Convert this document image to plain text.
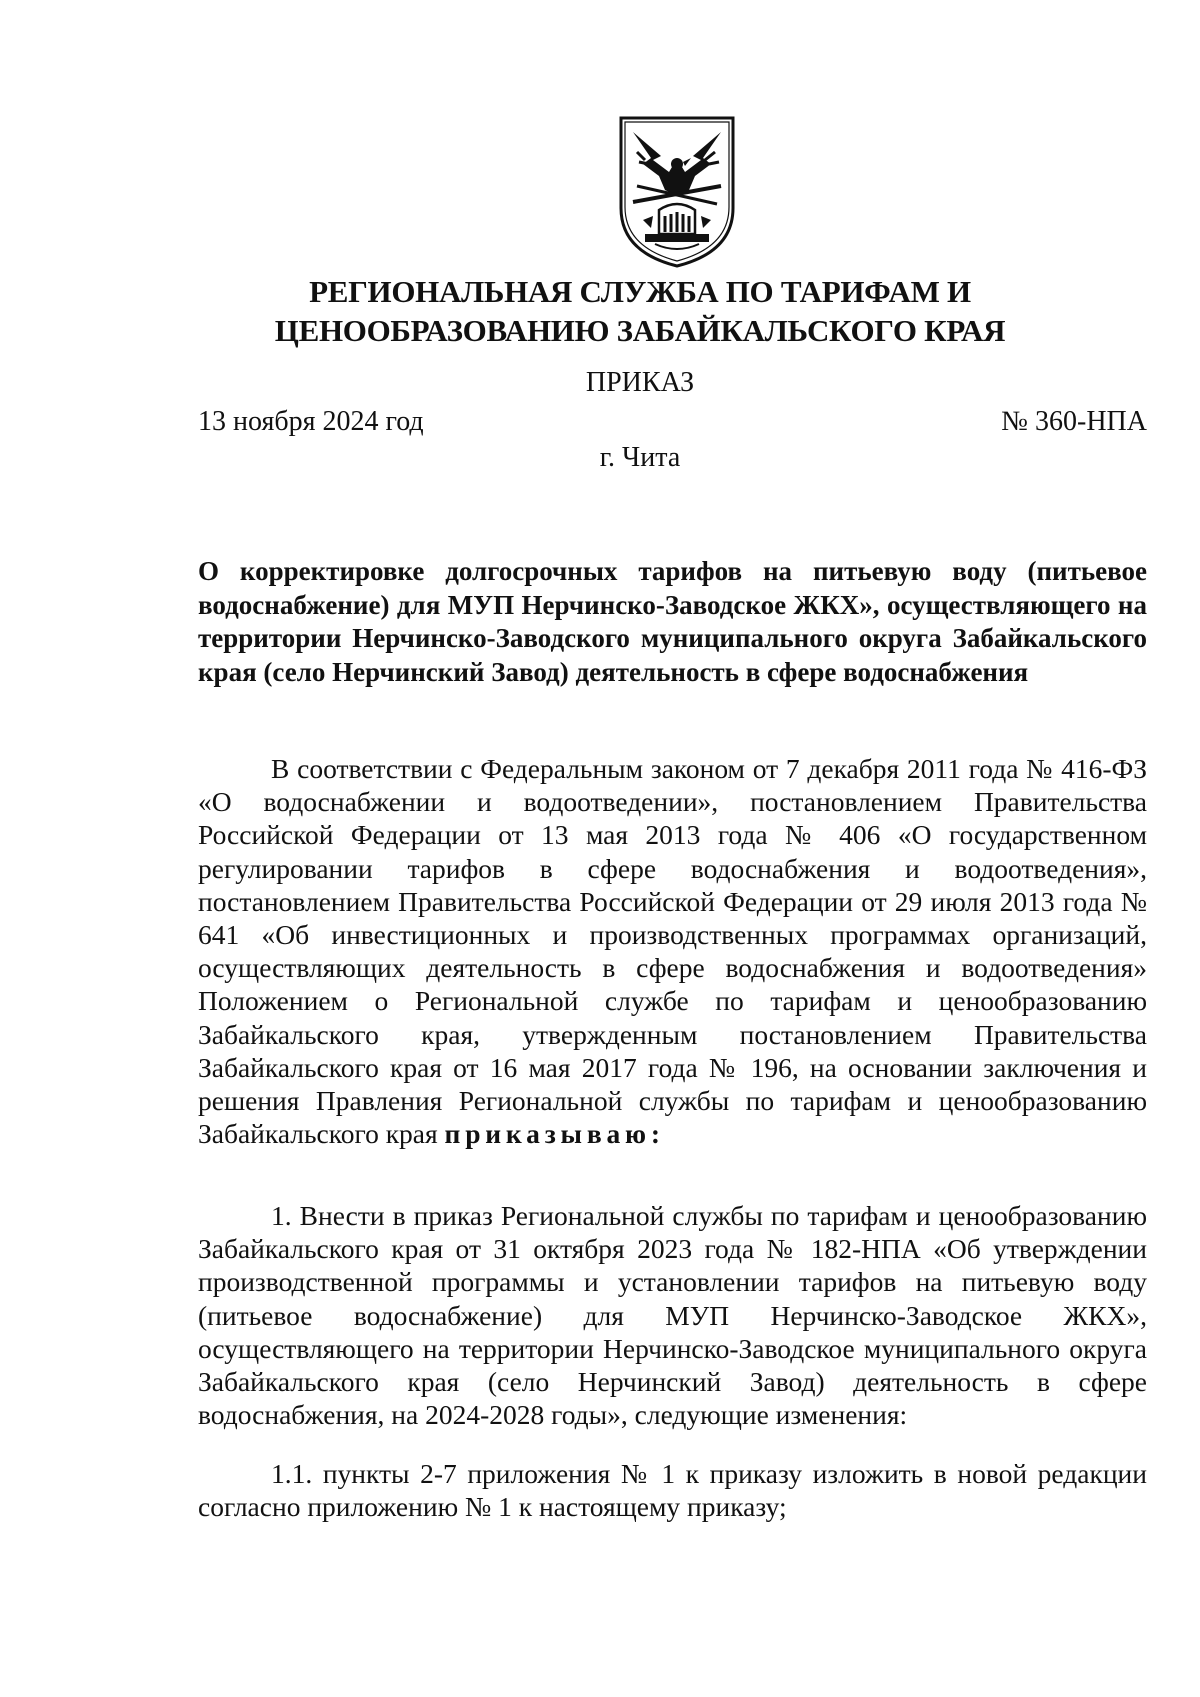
РЕГИОНАЛЬНАЯ СЛУЖБА ПО ТАРИФАМ И
ЦЕНООБРАЗОВАНИЮ ЗАБАЙКАЛЬСКОГО КРАЯ
ПРИКАЗ
13 ноября 2024 год	№ 360-НПА
г. Чита
О корректировке долгосрочных тарифов на питьевую воду (питьевое водоснабжение) для МУП Нерчинско-Заводское ЖКХ», осуществляющего на территории Нерчинско-Заводского муниципального округа Забайкальского края (село Нерчинский Завод) деятельность в сфере водоснабжения
В соответствии с Федеральным законом от 7 декабря 2011 года № 416-ФЗ «О водоснабжении и водоотведении», постановлением Правительства Российской Федерации от 13 мая 2013 года № 406 «О государственном регулировании тарифов в сфере водоснабжения и водоотведения», постановлением Правительства Российской Федерации от 29 июля 2013 года № 641 «Об инвестиционных и производственных программах организаций, осуществляющих деятельность в сфере водоснабжения и водоотведения» Положением о Региональной службе по тарифам и ценообразованию Забайкальского края, утвержденным постановлением Правительства Забайкальского края от 16 мая 2017 года № 196, на основании заключения и решения Правления Региональной службы по тарифам и ценообразованию Забайкальского края приказываю:
1. Внести в приказ Региональной службы по тарифам и ценообразованию Забайкальского края от 31 октября 2023 года № 182-НПА «Об утверждении производственной программы и установлении тарифов на питьевую воду (питьевое водоснабжение) для МУП Нерчинско-Заводское ЖКХ», осуществляющего на территории Нерчинско-Заводское муниципального округа Забайкальского края (село Нерчинский Завод) деятельность в сфере водоснабжения, на 2024-2028 годы», следующие изменения:
1.1. пункты 2-7 приложения № 1 к приказу изложить в новой редакции согласно приложению № 1 к настоящему приказу;
